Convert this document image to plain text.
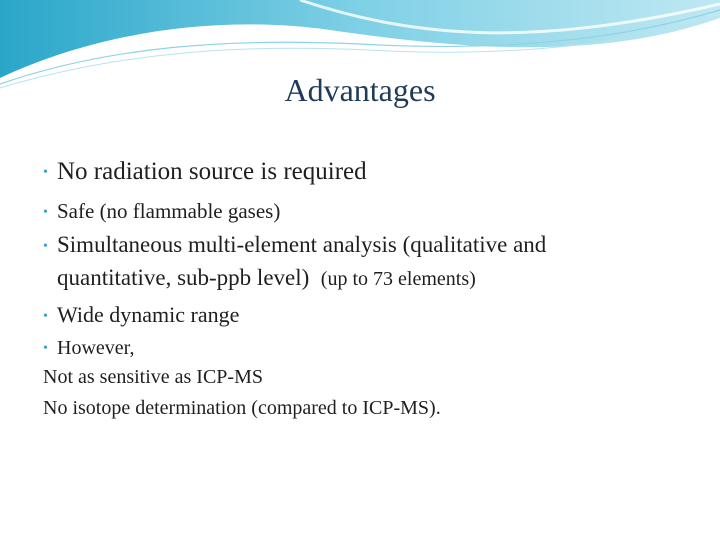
Advantages
• No radiation source is required
• Safe (no flammable gases)
• Simultaneous multi-element analysis (qualitative and
quantitative, sub-ppb level) (up to 73 elements)
• Wide dynamic range
• However,
Not as sensitive as ICP-MS
No isotope determination (compared to ICP-MS).
